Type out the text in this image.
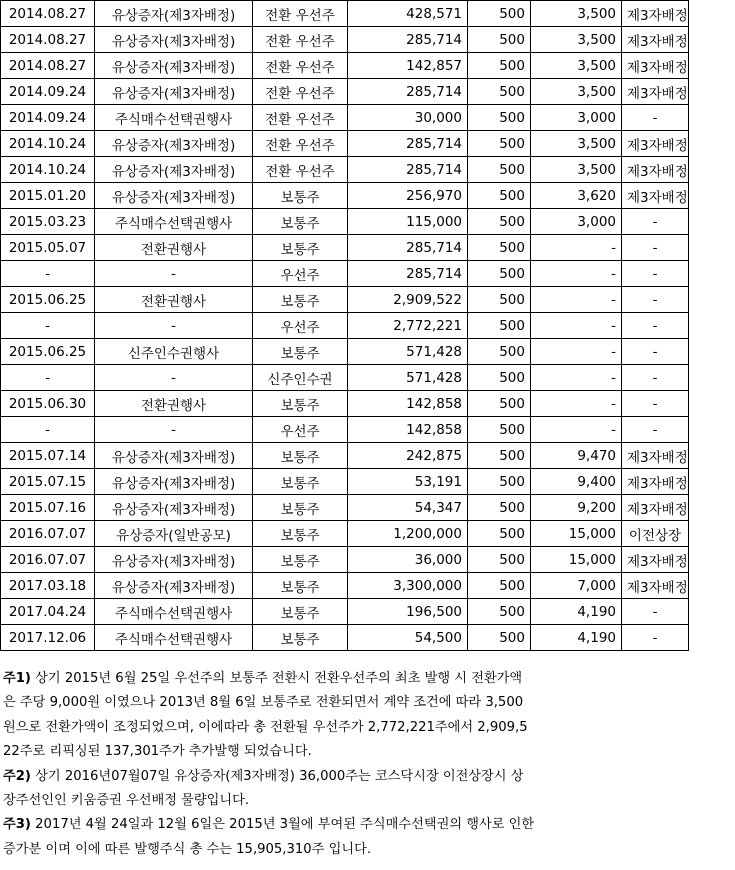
2014.08.27	유상증자(제3자배정)	전환 우선주	428,571	500	3,500	제3자배정
2014.08.27	유상증자(제3자배정)	전환 우선주	285,714	500	3,500	제3자배정
2014.08.27	유상증자(제3자배정)	전환 우선주	142,857	500	3,500	제3자배정
2014.09.24	유상증자(제3자배정)	전환 우선주	285,714	500	3,500	제3자배정
2014.09.24	주식매수선택권행사	전환 우선주	30,000	500	3,000	-
2014.10.24	유상증자(제3자배정)	전환 우선주	285,714	500	3,500	제3자배정
2014.10.24	유상증자(제3자배정)	전환 우선주	285,714	500	3,500	제3자배정
2015.01.20	유상증자(제3자배정)	보통주	256,970	500	3,620	제3자배정
2015.03.23	주식매수선택권행사	보통주	115,000	500	3,000	-
2015.05.07	전환권행사	보통주	285,714	500	-	-
-	-	우선주	285,714	500	-	-
2015.06.25	전환권행사	보통주	2,909,522	500	-	-
-	-	우선주	2,772,221	500	-	-
2015.06.25	신주인수권행사	보통주	571,428	500	-	-
-	-	신주인수권	571,428	500	-	-
2015.06.30	전환권행사	보통주	142,858	500	-	-
-	-	우선주	142,858	500	-	-
2015.07.14	유상증자(제3자배정)	보통주	242,875	500	9,470	제3자배정
2015.07.15	유상증자(제3자배정)	보통주	53,191	500	9,400	제3자배정
2015.07.16	유상증자(제3자배정)	보통주	54,347	500	9,200	제3자배정
2016.07.07	유상증자(일반공모)	보통주	1,200,000	500	15,000	이전상장
2016.07.07	유상증자(제3자배정)	보통주	36,000	500	15,000	제3자배정
2017.03.18	유상증자(제3자배정)	보통주	3,300,000	500	7,000	제3자배정
2017.04.24	주식매수선택권행사	보통주	196,500	500	4,190	-
2017.12.06	주식매수선택권행사	보통주	54,500	500	4,190	-

주1) 상기 2015년 6월 25일 우선주의 보통주 전환시 전환우선주의 최초 발행 시 전환가액

은 주당 9,000원 이였으나 2013년 8월 6일 보통주로 전환되면서 계약 조건에 따라 3,500

원으로 전환가액이 조정되었으며, 이에따라 총 전환될 우선주가 2,772,221주에서 2,909,5

22주로 리픽싱된 137,301주가 추가발행 되었습니다.

주2) 상기 2016년07월07일 유상증자(제3자배정) 36,000주는 코스닥시장 이전상장시 상

장주선인인 키움증권 우선배정 물량입니다.

주3) 2017년 4월 24일과 12월 6일은 2015년 3월에 부여된 주식매수선택권의 행사로 인한

증가분 이며 이에 따른 발행주식 총 수는 15,905,310주 입니다.
